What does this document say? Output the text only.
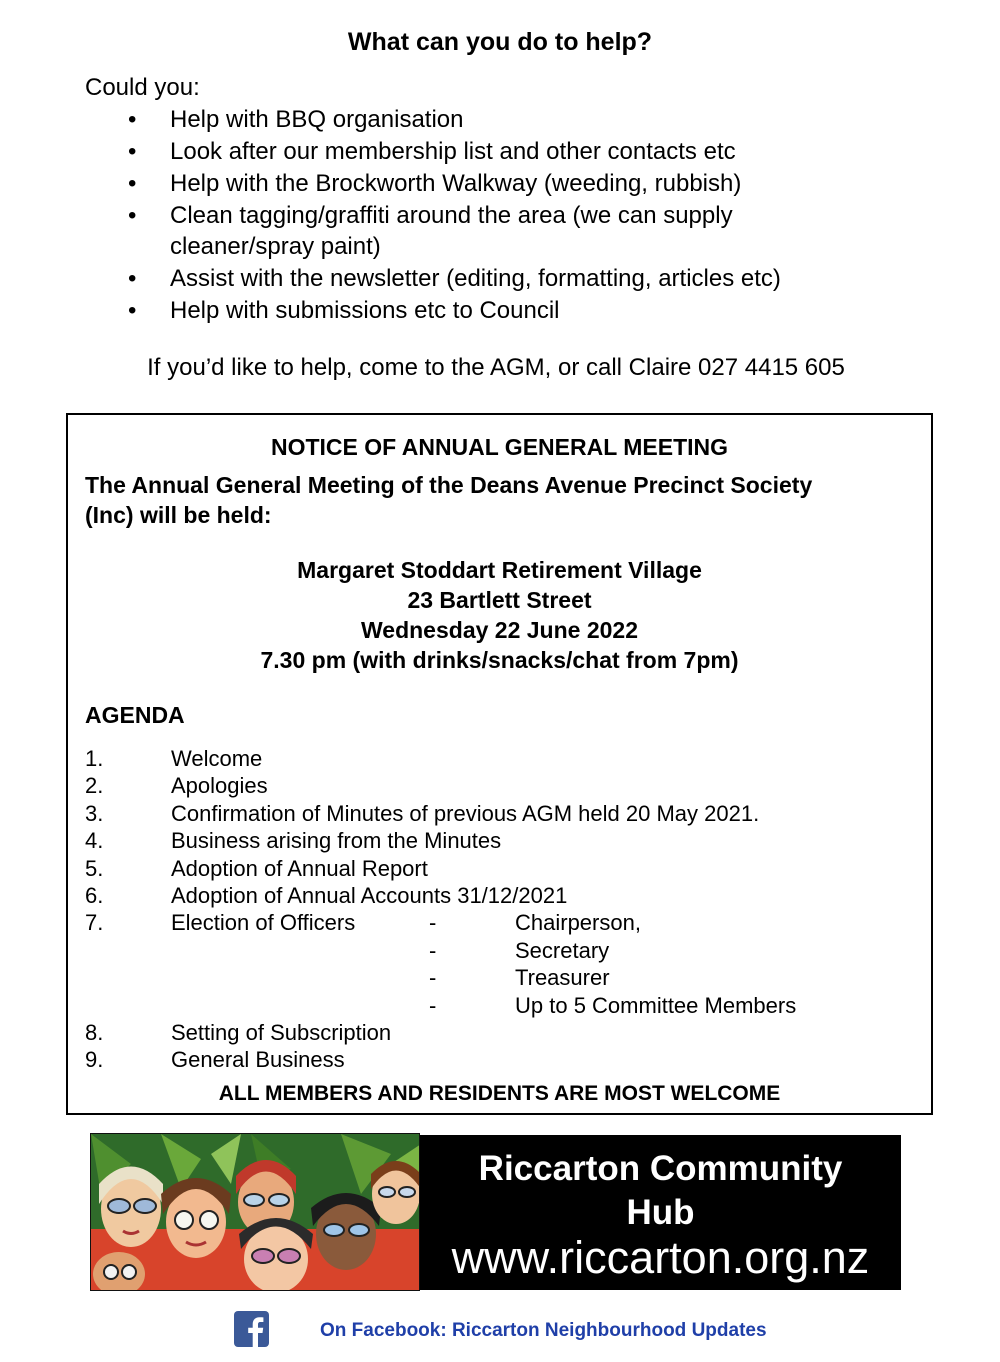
What can you do to help?
Could you:
• Help with BBQ organisation
• Look after our membership list and other contacts etc
• Help with the Brockworth Walkway (weeding, rubbish)
• Clean tagging/graffiti around the area (we can supply
cleaner/spray paint)
• Assist with the newsletter (editing, formatting, articles etc)
• Help with submissions etc to Council
If you’d like to help, come to the AGM, or call Claire 027 4415 605
NOTICE OF ANNUAL GENERAL MEETING
The Annual General Meeting of the Deans Avenue Precinct Society
(Inc) will be held:
Margaret Stoddart Retirement Village
23 Bartlett Street
Wednesday 22 June 2022
7.30 pm (with drinks/snacks/chat from 7pm)
AGENDA
1.	Welcome
2.	Apologies
3.	Confirmation of Minutes of previous AGM held 20 May 2021.
4.	Business arising from the Minutes
5.	Adoption of Annual Report
6.	Adoption of Annual Accounts 31/12/2021
7.	Election of Officers	-	Chairperson,
-	Secretary
-	Treasurer
-	Up to 5 Committee Members
8.	Setting of Subscription
9.	General Business
ALL MEMBERS AND RESIDENTS ARE MOST WELCOME
Riccarton Community
Hub
www.riccarton.org.nz
On Facebook: Riccarton Neighbourhood Updates
